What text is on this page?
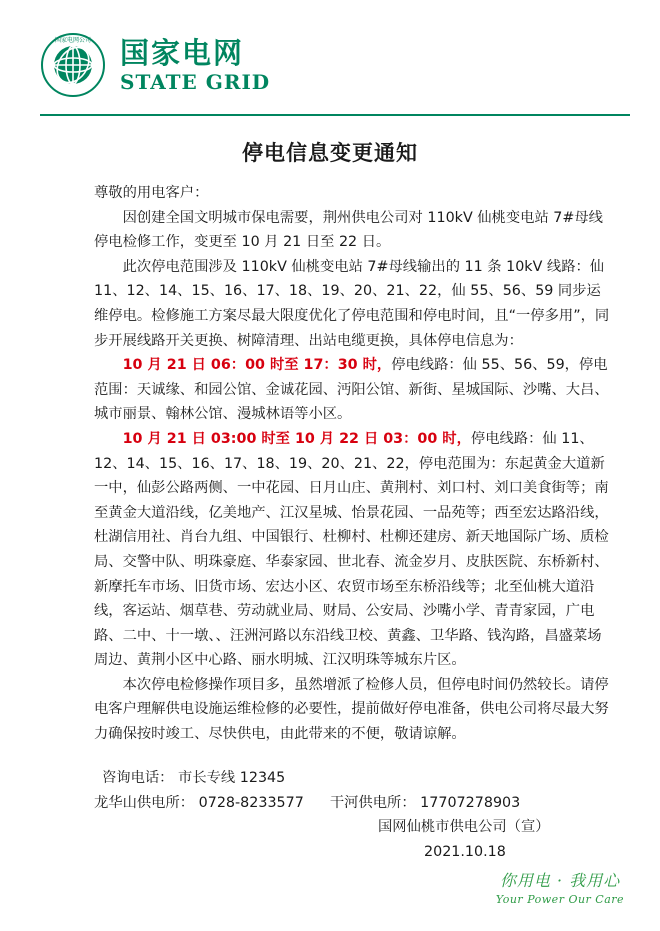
国家电网公司 国家电网
STATE GRID
停电信息变更通知

尊敬的用电客户：

因创建全国文明城市保电需要，荆州供电公司对 110kV 仙桃变电站 7#母线停电检修工作，变更至 10 月 21 日至 22 日。

此次停电范围涉及 110kV 仙桃变电站 7#母线输出的 11 条 10kV 线路：仙 11、12、14、15、16、17、18、19、20、21、22，仙 55、56、59 同步运维停电。检修施工方案尽最大限度优化了停电范围和停电时间，且“一停多用”，同步开展线路开关更换、树障清理、出站电缆更换，具体停电信息为：

10 月 21 日 06：00 时至 17：30 时，停电线路：仙 55、56、59，停电范围：天诚缘、和园公馆、金诚花园、沔阳公馆、新街、星城国际、沙嘴、大吕、城市丽景、翰林公馆、漫城林语等小区。

10 月 21 日 03:00 时至 10 月 22 日 03：00 时，停电线路：仙 11、12、14、15、16、17、18、19、20、21、22，停电范围为：东起黄金大道新一中，仙彭公路两侧、一中花园、日月山庄、黄荆村、刘口村、刘口美食街等；南至黄金大道沿线，亿美地产、江汉星城、怡景花园、一品苑等；西至宏达路沿线，杜湖信用社、肖台九组、中国银行、杜柳村、杜柳还建房、新天地国际广场、质检局、交警中队、明珠豪庭、华泰家园、世北春、流金岁月、皮肤医院、东桥新村、新摩托车市场、旧货市场、宏达小区、农贸市场至东桥沿线等；北至仙桃大道沿线，客运站、烟草巷、劳动就业局、财局、公安局、沙嘴小学、青青家园，广电路、二中、十一墩、、汪洲河路以东沿线卫校、黄鑫、卫华路、钱沟路，昌盛菜场周边、黄荆小区中心路、丽水明城、江汉明珠等城东片区。

本次停电检修操作项目多，虽然增派了检修人员，但停电时间仍然较长。请停电客户理解供电设施运维检修的必要性，提前做好停电准备，供电公司将尽最大努力确保按时竣工、尽快供电，由此带来的不便，敬请谅解。

咨询电话： 市长专线 12345

龙华山供电所： 0728-8233577 干河供电所： 17707278903

国网仙桃市供电公司（宣）

2021.10.18

你用电 · 我用心
Your Power Our Care
